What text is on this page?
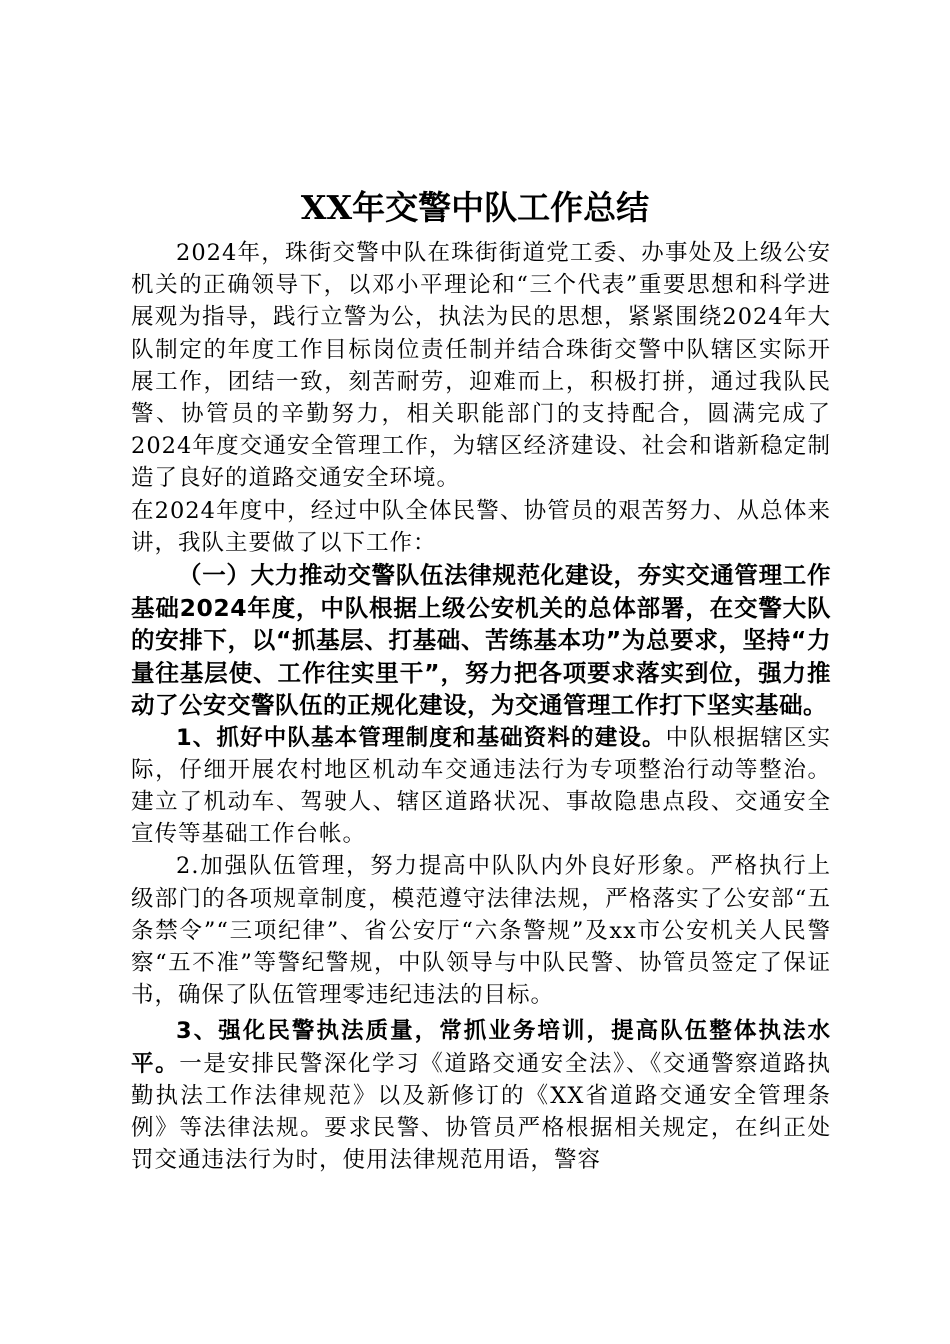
XX年交警中队工作总结

2024年，珠街交警中队在珠街街道党工委、办事处及上级公安机关的正确领导下，以邓小平理论和“三个代表”重要思想和科学进展观为指导，践行立警为公，执法为民的思想，紧紧围绕2024年大队制定的年度工作目标岗位责任制并结合珠街交警中队辖区实际开展工作，团结一致，刻苦耐劳，迎难而上，积极打拼，通过我队民警、协管员的辛勤努力，相关职能部门的支持配合，圆满完成了2024年度交通安全管理工作，为辖区经济建设、社会和谐新稳定制造了良好的道路交通安全环境。

在2024年度中，经过中队全体民警、协管员的艰苦努力、从总体来讲，我队主要做了以下工作：

（一）大力推动交警队伍法律规范化建设，夯实交通管理工作基础2024年度，中队根据上级公安机关的总体部署，在交警大队的安排下，以“抓基层、打基础、苦练基本功”为总要求，坚持“力量往基层使、工作往实里干”，努力把各项要求落实到位，强力推动了公安交警队伍的正规化建设，为交通管理工作打下坚实基础。

1、抓好中队基本管理制度和基础资料的建设。中队根据辖区实际，仔细开展农村地区机动车交通违法行为专项整治行动等整治。建立了机动车、驾驶人、辖区道路状况、事故隐患点段、交通安全宣传等基础工作台帐。

2.加强队伍管理，努力提高中队队内外良好形象。严格执行上级部门的各项规章制度，模范遵守法律法规，严格落实了公安部“五条禁令”“三项纪律”、省公安厅“六条警规”及xx市公安机关人民警察“五不准”等警纪警规，中队领导与中队民警、协管员签定了保证书，确保了队伍管理零违纪违法的目标。

3、强化民警执法质量，常抓业务培训，提高队伍整体执法水平。一是安排民警深化学习《道路交通安全法》、《交通警察道路执勤执法工作法律规范》以及新修订的《XX省道路交通安全管理条例》等法律法规。要求民警、协管员严格根据相关规定，在纠正处罚交通违法行为时，使用法律规范用语，警容
